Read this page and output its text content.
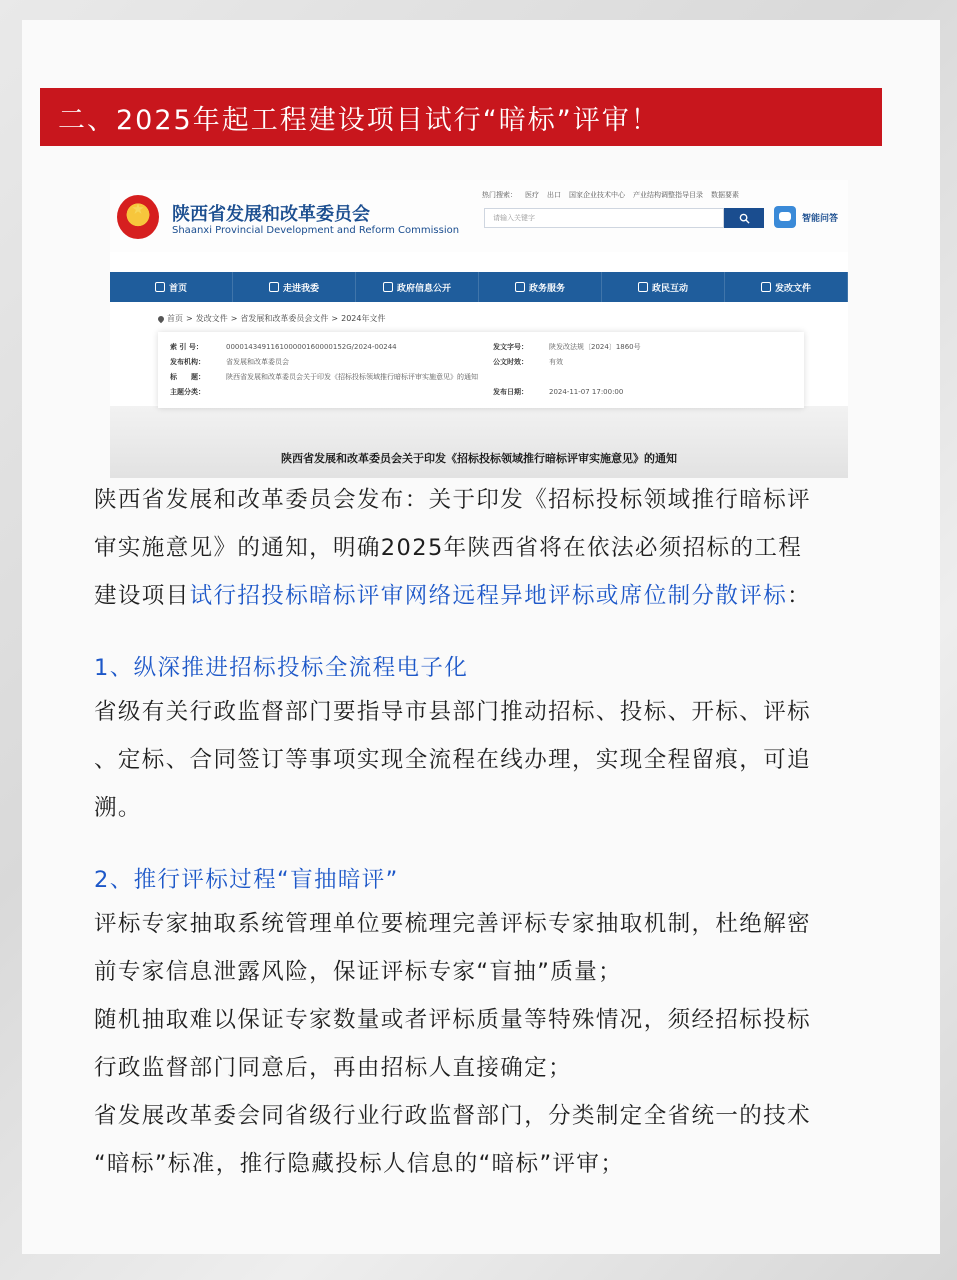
二、2025年起工程建设项目试行“暗标”评审！
陕西省发展和改革委员会
Shaanxi Provincial Development and Reform Commission
热门搜索： 医疗 出口 国家企业技术中心 产业结构调整指导目录 数据要素
请输入关键字	智能问答
首页	走进我委	政府信息公开	政务服务	政民互动	发改文件
首页 > 发改文件 > 省发展和改革委员会文件 > 2024年文件
索 引 号：	000014349116100000160000152G/2024-00244
发布机构：	省发展和改革委员会
标　　题：	陕西省发展和改革委员会关于印发《招标投标领域推行暗标评审实施意见》的通知
主题分类：
发文字号：	陕发改法规〔2024〕1860号
公文时效：	有效
发布日期：	2024-11-07 17:00:00
陕西省发展和改革委员会关于印发《招标投标领域推行暗标评审实施意见》的通知
陕西省发展和改革委员会发布：关于印发《招标投标领域推行暗标评
审实施意见》的通知，明确2025年陕西省将在依法必须招标的工程
建设项目试行招投标暗标评审网络远程异地评标或席位制分散评标：
1、纵深推进招标投标全流程电子化
省级有关行政监督部门要指导市县部门推动招标、投标、开标、评标
、定标、合同签订等事项实现全流程在线办理，实现全程留痕，可追
溯。
2、推行评标过程“盲抽暗评”
评标专家抽取系统管理单位要梳理完善评标专家抽取机制，杜绝解密
前专家信息泄露风险，保证评标专家“盲抽”质量；
随机抽取难以保证专家数量或者评标质量等特殊情况，须经招标投标
行政监督部门同意后，再由招标人直接确定；
省发展改革委会同省级行业行政监督部门，分类制定全省统一的技术
“暗标”标准，推行隐藏投标人信息的“暗标”评审；
